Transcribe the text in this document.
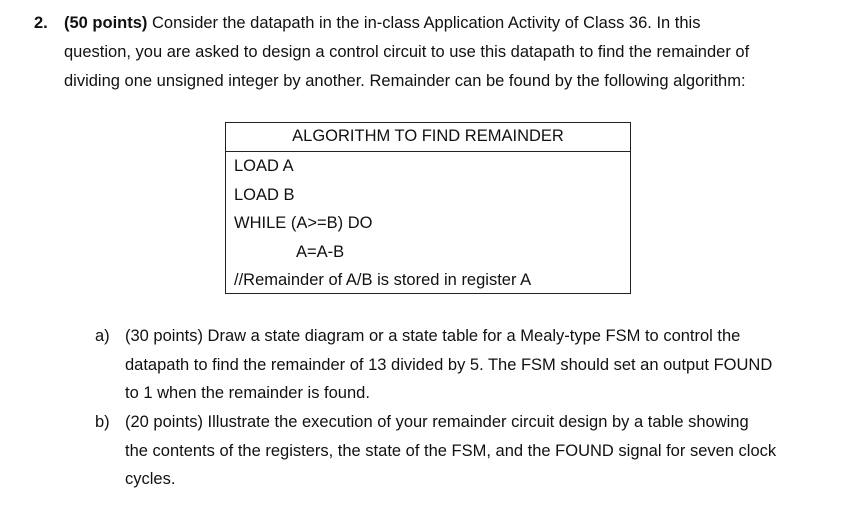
2. (50 points) Consider the datapath in the in-class Application Activity of Class 36. In this
question, you are asked to design a control circuit to use this datapath to find the remainder of
dividing one unsigned integer by another. Remainder can be found by the following algorithm:
ALGORITHM TO FIND REMAINDER
LOAD A
LOAD B
WHILE (A>=B) DO
A=A-B
//Remainder of A/B is stored in register A
a) (30 points) Draw a state diagram or a state table for a Mealy-type FSM to control the
datapath to find the remainder of 13 divided by 5. The FSM should set an output FOUND
to 1 when the remainder is found.
b) (20 points) Illustrate the execution of your remainder circuit design by a table showing
the contents of the registers, the state of the FSM, and the FOUND signal for seven clock
cycles.
